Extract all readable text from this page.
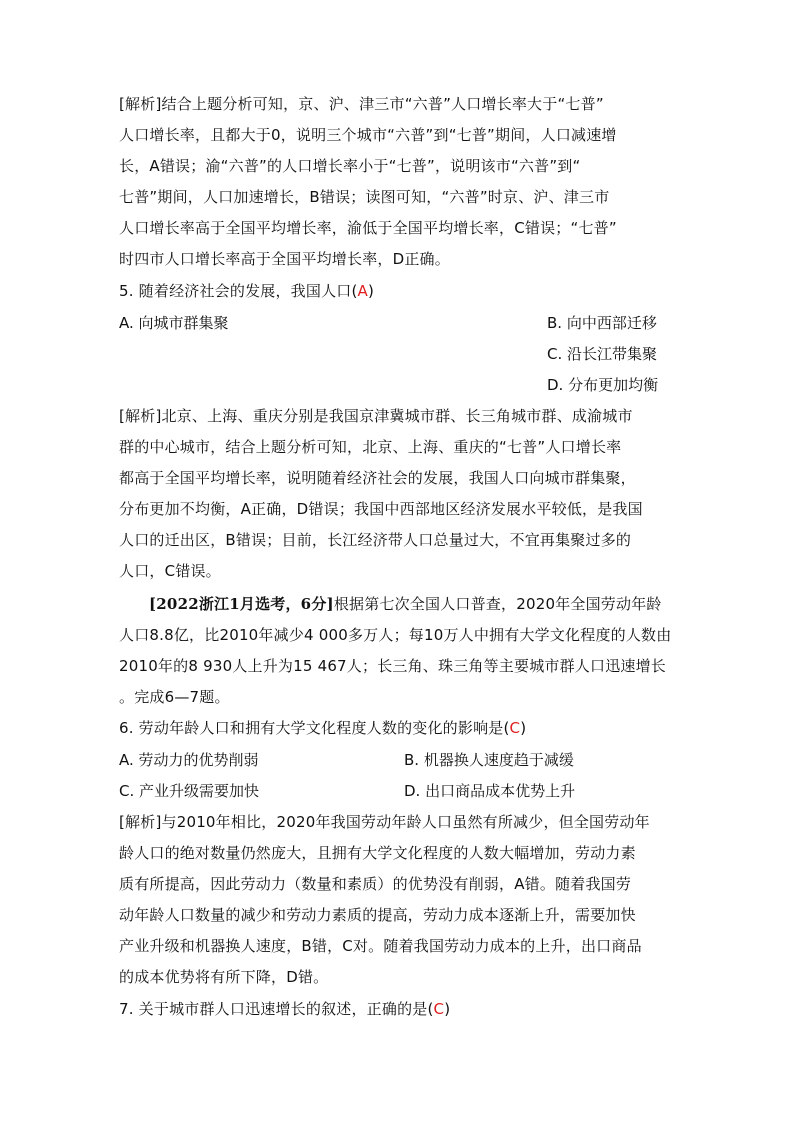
[解析]结合上题分析可知，京、沪、津三市“六普”人口增长率大于“七普”
人口增长率，且都大于0，说明三个城市“六普”到“七普”期间，人口减速增
长，A错误；渝“六普”的人口增长率小于“七普”，说明该市“六普”到“
七普”期间，人口加速增长，B错误；读图可知，“六普”时京、沪、津三市
人口增长率高于全国平均增长率，渝低于全国平均增长率，C错误；“七普”
时四市人口增长率高于全国平均增长率，D正确。
5. 随着经济社会的发展，我国人口(A)
A. 向城市群集聚	B. 向中西部迁移
C. 沿长江带集聚
D. 分布更加均衡
[解析]北京、上海、重庆分别是我国京津冀城市群、长三角城市群、成渝城市
群的中心城市，结合上题分析可知，北京、上海、重庆的“七普”人口增长率
都高于全国平均增长率，说明随着经济社会的发展，我国人口向城市群集聚，
分布更加不均衡，A正确，D错误；我国中西部地区经济发展水平较低，是我国
人口的迁出区，B错误；目前，长江经济带人口总量过大，不宜再集聚过多的
人口，C错误。
[2022浙江1月选考，6分]根据第七次全国人口普查，2020年全国劳动年龄
人口8.8亿，比2010年减少4 000多万人；每10万人中拥有大学文化程度的人数由
2010年的8 930人上升为15 467人；长三角、珠三角等主要城市群人口迅速增长
。完成6—7题。
6. 劳动年龄人口和拥有大学文化程度人数的变化的影响是(C)
A. 劳动力的优势削弱	B. 机器换人速度趋于减缓
C. 产业升级需要加快	D. 出口商品成本优势上升
[解析]与2010年相比，2020年我国劳动年龄人口虽然有所减少，但全国劳动年
龄人口的绝对数量仍然庞大，且拥有大学文化程度的人数大幅增加，劳动力素
质有所提高，因此劳动力（数量和素质）的优势没有削弱，A错。随着我国劳
动年龄人口数量的减少和劳动力素质的提高，劳动力成本逐渐上升，需要加快
产业升级和机器换人速度，B错，C对。随着我国劳动力成本的上升，出口商品
的成本优势将有所下降，D错。
7. 关于城市群人口迅速增长的叙述，正确的是(C)
